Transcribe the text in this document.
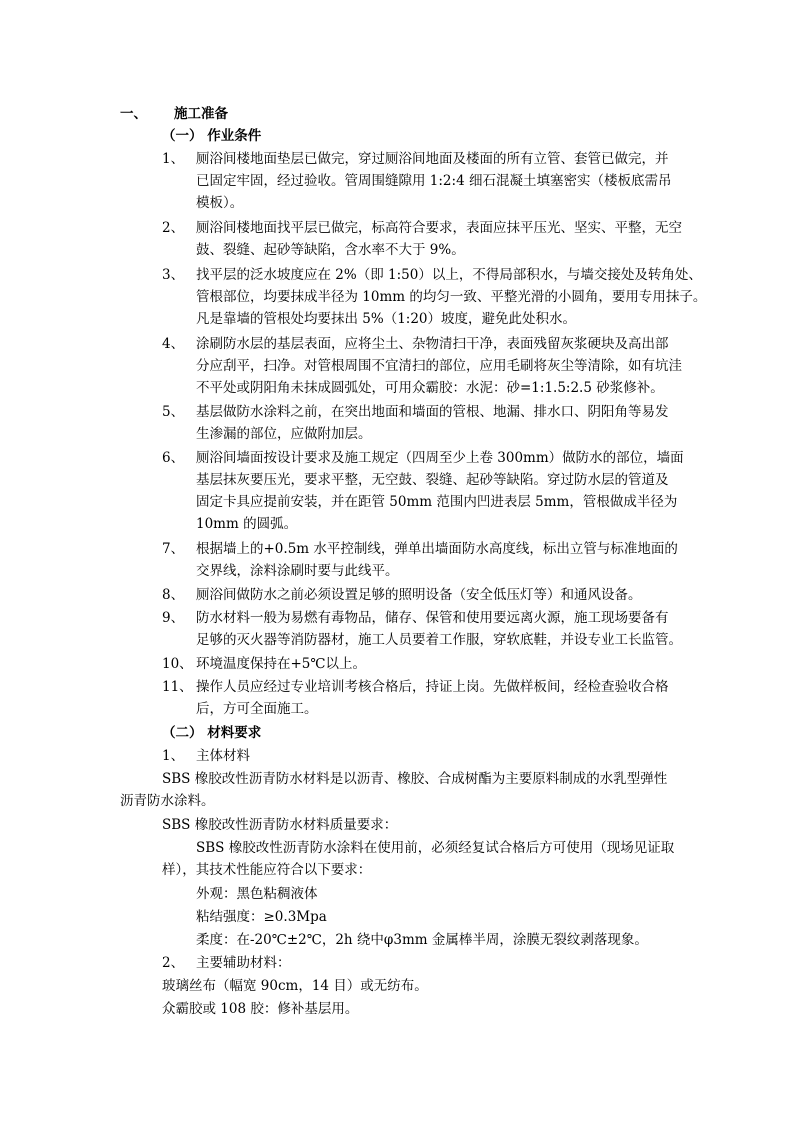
一、 施工准备
（一） 作业条件
1、 厕浴间楼地面垫层已做完，穿过厕浴间地面及楼面的所有立管、套管已做完，并
已固定牢固，经过验收。管周围缝隙用 1:2:4 细石混凝土填塞密实（楼板底需吊
模板）。
2、 厕浴间楼地面找平层已做完，标高符合要求，表面应抹平压光、坚实、平整，无空
鼓、裂缝、起砂等缺陷，含水率不大于 9%。
3、 找平层的泛水坡度应在 2%（即 1:50）以上，不得局部积水，与墙交接处及转角处、
管根部位，均要抹成半径为 10mm 的均匀一致、平整光滑的小圆角，要用专用抹子。
凡是靠墙的管根处均要抹出 5%（1:20）坡度，避免此处积水。
4、 涂刷防水层的基层表面，应将尘土、杂物清扫干净，表面残留灰浆硬块及高出部
分应刮平，扫净。对管根周围不宜清扫的部位，应用毛刷将灰尘等清除，如有坑洼
不平处或阴阳角未抹成圆弧处，可用众霸胶：水泥：砂=1:1.5:2.5 砂浆修补。
5、 基层做防水涂料之前，在突出地面和墙面的管根、地漏、排水口、阴阳角等易发
生渗漏的部位，应做附加层。
6、 厕浴间墙面按设计要求及施工规定（四周至少上卷 300mm）做防水的部位，墙面
基层抹灰要压光，要求平整，无空鼓、裂缝、起砂等缺陷。穿过防水层的管道及
固定卡具应提前安装，并在距管 50mm 范围内凹进表层 5mm，管根做成半径为
10mm 的圆弧。
7、 根据墙上的+0.5m 水平控制线，弹单出墙面防水高度线，标出立管与标准地面的
交界线，涂料涂刷时要与此线平。
8、 厕浴间做防水之前必须设置足够的照明设备（安全低压灯等）和通风设备。
9、 防水材料一般为易燃有毒物品，储存、保管和使用要远离火源，施工现场要备有
足够的灭火器等消防器材，施工人员要着工作服，穿软底鞋，并设专业工长监管。
10、 环境温度保持在+5℃以上。
11、 操作人员应经过专业培训考核合格后，持证上岗。先做样板间，经检查验收合格
后，方可全面施工。
（二） 材料要求
1、 主体材料
SBS 橡胶改性沥青防水材料是以沥青、橡胶、合成树酯为主要原料制成的水乳型弹性
沥青防水涂料。
SBS 橡胶改性沥青防水材料质量要求：
SBS 橡胶改性沥青防水涂料在使用前，必须经复试合格后方可使用（现场见证取
样），其技术性能应符合以下要求：
外观：黑色粘稠液体
粘结强度：≥0.3Mpa
柔度：在-20℃±2℃，2h 绕中φ3mm 金属棒半周，涂膜无裂纹剥落现象。
2、 主要辅助材料：
玻璃丝布（幅宽 90cm，14 目）或无纺布。
众霸胶或 108 胶：修补基层用。
